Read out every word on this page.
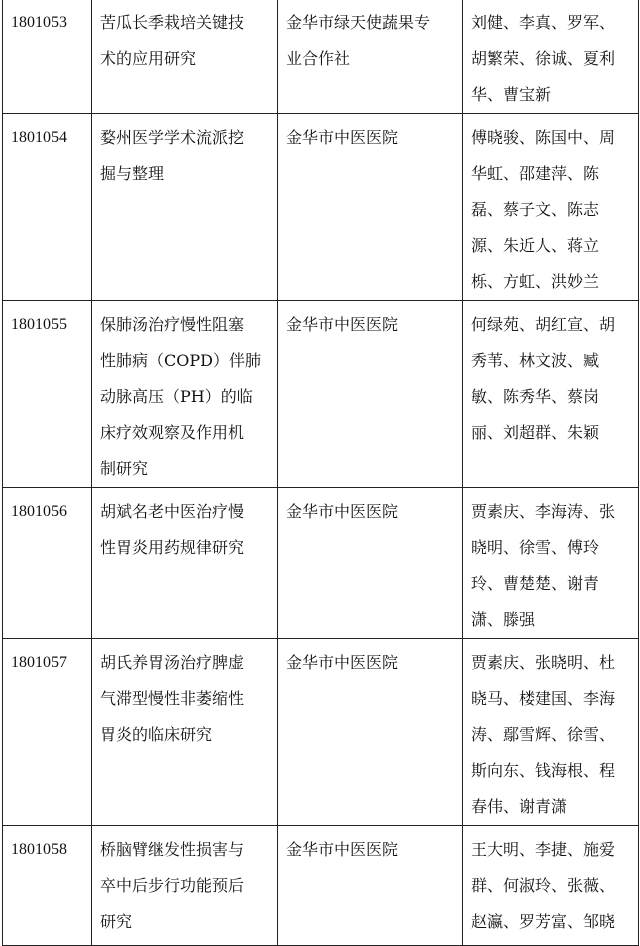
1801053	苦瓜长季栽培关键技
术的应用研究	金华市绿天使蔬果专
业合作社	刘健、李真、罗军、
胡繁荣、徐诚、夏利
华、曹宝新

1801054	婺州医学学术流派挖
掘与整理	金华市中医医院	傅晓骏、陈国中、周
华虹、邵建萍、陈
磊、蔡子文、陈志
源、朱近人、蒋立
栎、方虹、洪妙兰

1801055	保肺汤治疗慢性阻塞
性肺病（COPD）伴肺
动脉高压（PH）的临
床疗效观察及作用机
制研究	金华市中医医院	何绿苑、胡红宣、胡
秀苇、林文波、臧
敏、陈秀华、蔡岗
丽、刘超群、朱颖

1801056	胡斌名老中医治疗慢
性胃炎用药规律研究	金华市中医医院	贾素庆、李海涛、张
晓明、徐雪、傅玲
玲、曹楚楚、谢青
潇、滕强

1801057	胡氏养胃汤治疗脾虚
气滞型慢性非萎缩性
胃炎的临床研究	金华市中医医院	贾素庆、张晓明、杜
晓马、楼建国、李海
涛、鄢雪辉、徐雪、
斯向东、钱海根、程
春伟、谢青潇

1801058	桥脑臂继发性损害与
卒中后步行功能预后
研究	金华市中医医院	王大明、李捷、施爱
群、何淑玲、张薇、
赵瀛、罗芳富、邹晓
